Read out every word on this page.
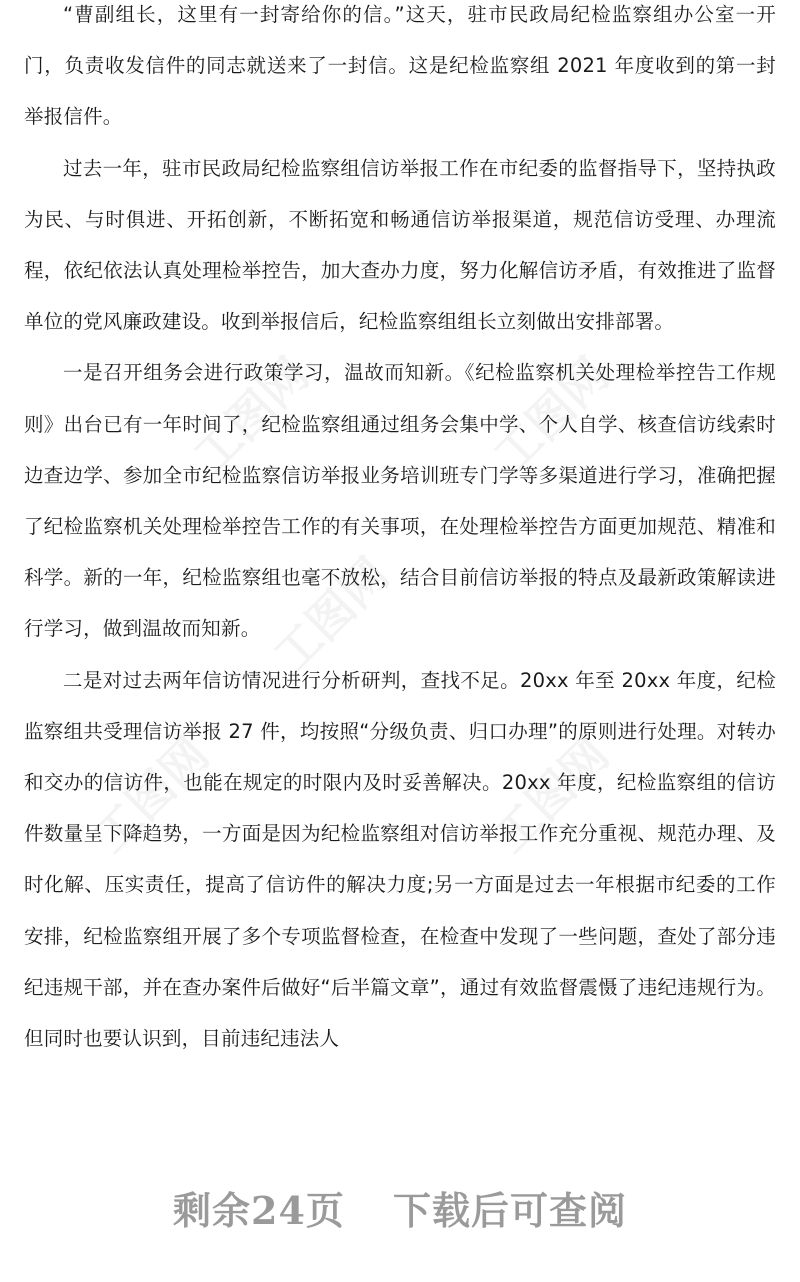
工图网	工图网
工图网
工图网	工图网

“曹副组长，这里有一封寄给你的信。”这天，驻市民政局纪检监察组办公室一开门，负责收发信件的同志就送来了一封信。这是纪检监察组 2021 年度收到的第一封举报信件。

过去一年，驻市民政局纪检监察组信访举报工作在市纪委的监督指导下，坚持执政为民、与时俱进、开拓创新，不断拓宽和畅通信访举报渠道，规范信访受理、办理流程，依纪依法认真处理检举控告，加大查办力度，努力化解信访矛盾，有效推进了监督单位的党风廉政建设。收到举报信后，纪检监察组组长立刻做出安排部署。

一是召开组务会进行政策学习，温故而知新。《纪检监察机关处理检举控告工作规则》出台已有一年时间了，纪检监察组通过组务会集中学、个人自学、核查信访线索时边查边学、参加全市纪检监察信访举报业务培训班专门学等多渠道进行学习，准确把握了纪检监察机关处理检举控告工作的有关事项，在处理检举控告方面更加规范、精准和科学。新的一年，纪检监察组也毫不放松，结合目前信访举报的特点及最新政策解读进行学习，做到温故而知新。

二是对过去两年信访情况进行分析研判，查找不足。20xx 年至 20xx 年度，纪检监察组共受理信访举报 27 件，均按照“分级负责、归口办理”的原则进行处理。对转办和交办的信访件，也能在规定的时限内及时妥善解决。20xx 年度，纪检监察组的信访件数量呈下降趋势，一方面是因为纪检监察组对信访举报工作充分重视、规范办理、及时化解、压实责任，提高了信访件的解决力度;另一方面是过去一年根据市纪委的工作安排，纪检监察组开展了多个专项监督检查，在检查中发现了一些问题，查处了部分违纪违规干部，并在查办案件后做好“后半篇文章”，通过有效监督震慑了违纪违规行为。但同时也要认识到，目前违纪违法人

剩余24页 下载后可查阅
